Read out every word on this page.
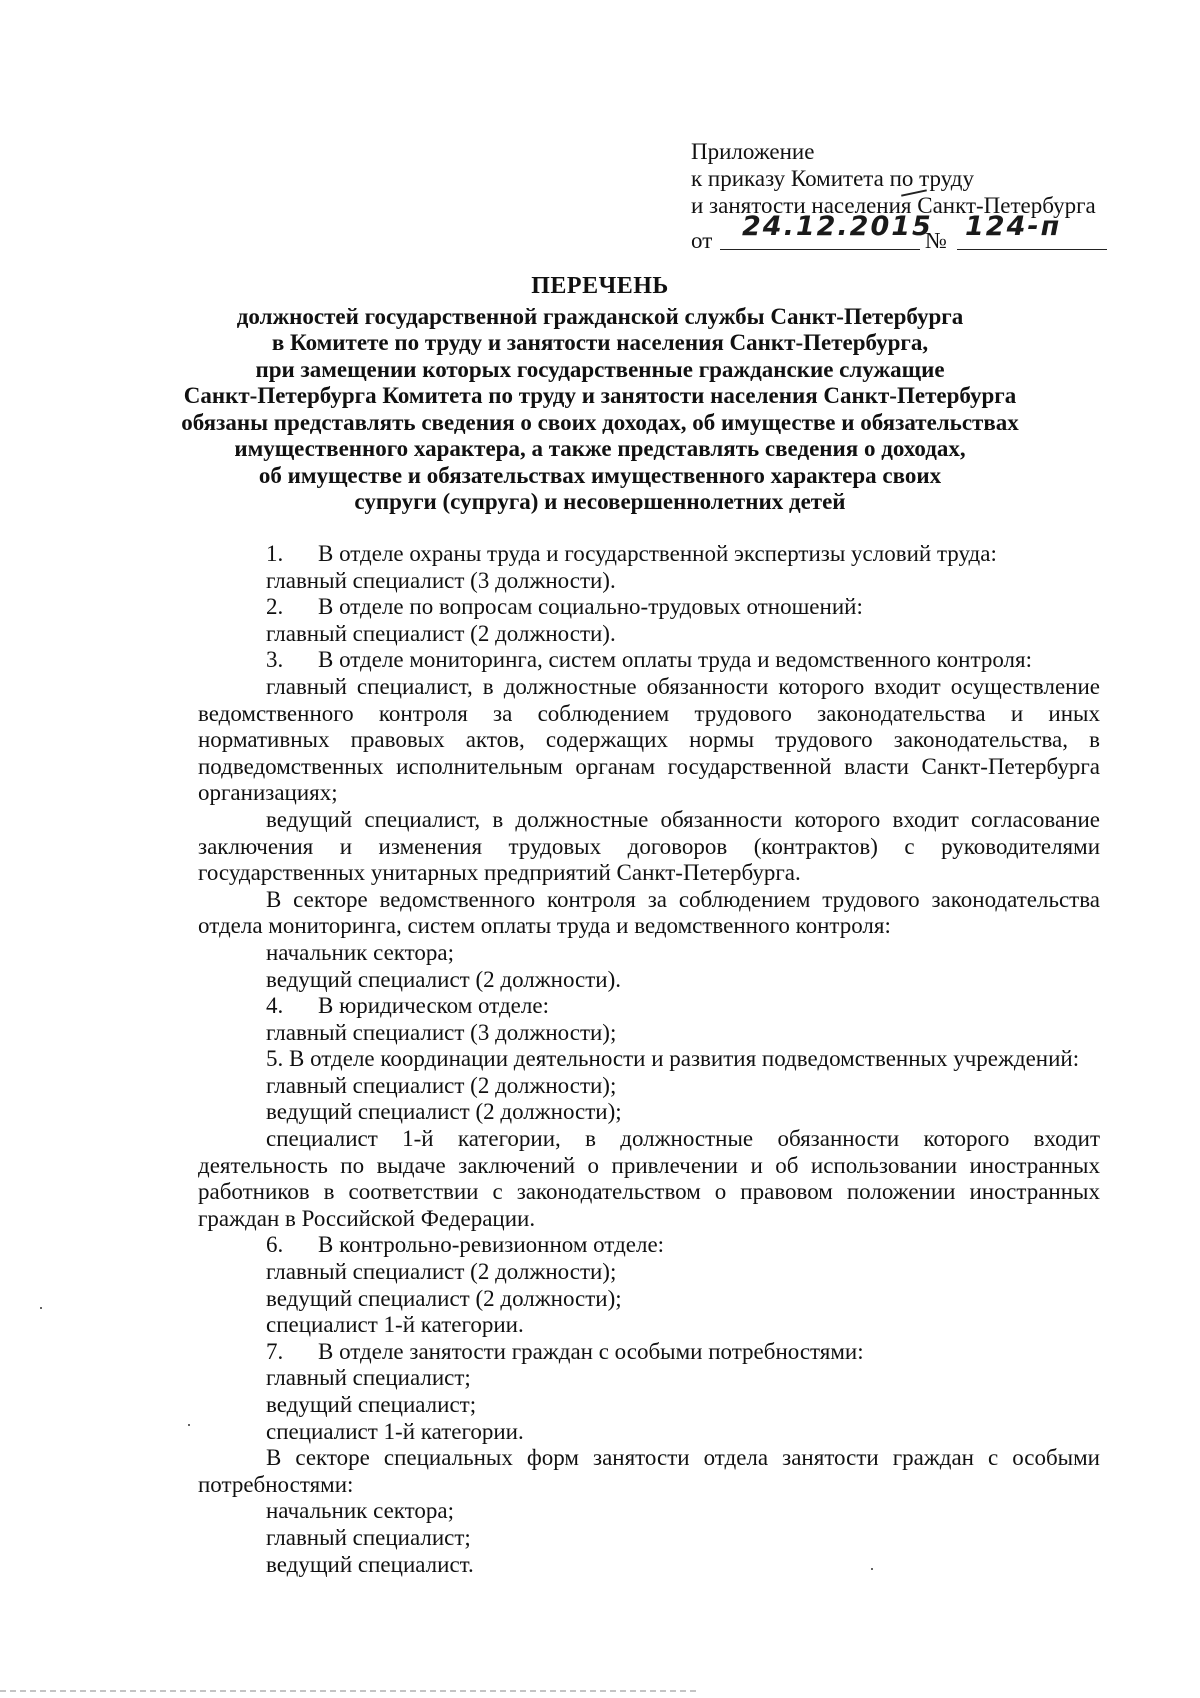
Приложение
к приказу Комитета по труду
и занятости населения Санкт-Петербурга
от 24.12.2015
№ 124-п
ПЕРЕЧЕНЬ
должностей государственной гражданской службы Санкт-Петербурга
в Комитете по труду и занятости населения Санкт-Петербурга,
при замещении которых государственные гражданские служащие
Санкт-Петербурга Комитета по труду и занятости населения Санкт-Петербурга
обязаны представлять сведения о своих доходах, об имуществе и обязательствах
имущественного характера, а также представлять сведения о доходах,
об имуществе и обязательствах имущественного характера своих
супруги (супруга) и несовершеннолетних детей

1. В отделе охраны труда и государственной экспертизы условий труда:

главный специалист (3 должности).

2. В отделе по вопросам социально-трудовых отношений:

главный специалист (2 должности).

3. В отделе мониторинга, систем оплаты труда и ведомственного контроля:

главный специалист, в должностные обязанности которого входит осуществление ведомственного контроля за соблюдением трудового законодательства и иных нормативных правовых актов, содержащих нормы трудового законодательства, в подведомственных исполнительным органам государственной власти Санкт-Петербурга организациях;

ведущий специалист, в должностные обязанности которого входит согласование заключения и изменения трудовых договоров (контрактов) с руководителями государственных унитарных предприятий Санкт-Петербурга.

В секторе ведомственного контроля за соблюдением трудового законодательства отдела мониторинга, систем оплаты труда и ведомственного контроля:

начальник сектора;

ведущий специалист (2 должности).

4. В юридическом отделе:

главный специалист (3 должности);

5. В отделе координации деятельности и развития подведомственных учреждений:

главный специалист (2 должности);

ведущий специалист (2 должности);

специалист 1-й категории, в должностные обязанности которого входит деятельность по выдаче заключений о привлечении и об использовании иностранных работников в соответствии с законодательством о правовом положении иностранных граждан в Российской Федерации.

6. В контрольно-ревизионном отделе:

главный специалист (2 должности);

ведущий специалист (2 должности);

специалист 1-й категории.

7. В отделе занятости граждан с особыми потребностями:

главный специалист;

ведущий специалист;

специалист 1-й категории.

В секторе специальных форм занятости отдела занятости граждан с особыми потребностями:

начальник сектора;

главный специалист;

ведущий специалист.
